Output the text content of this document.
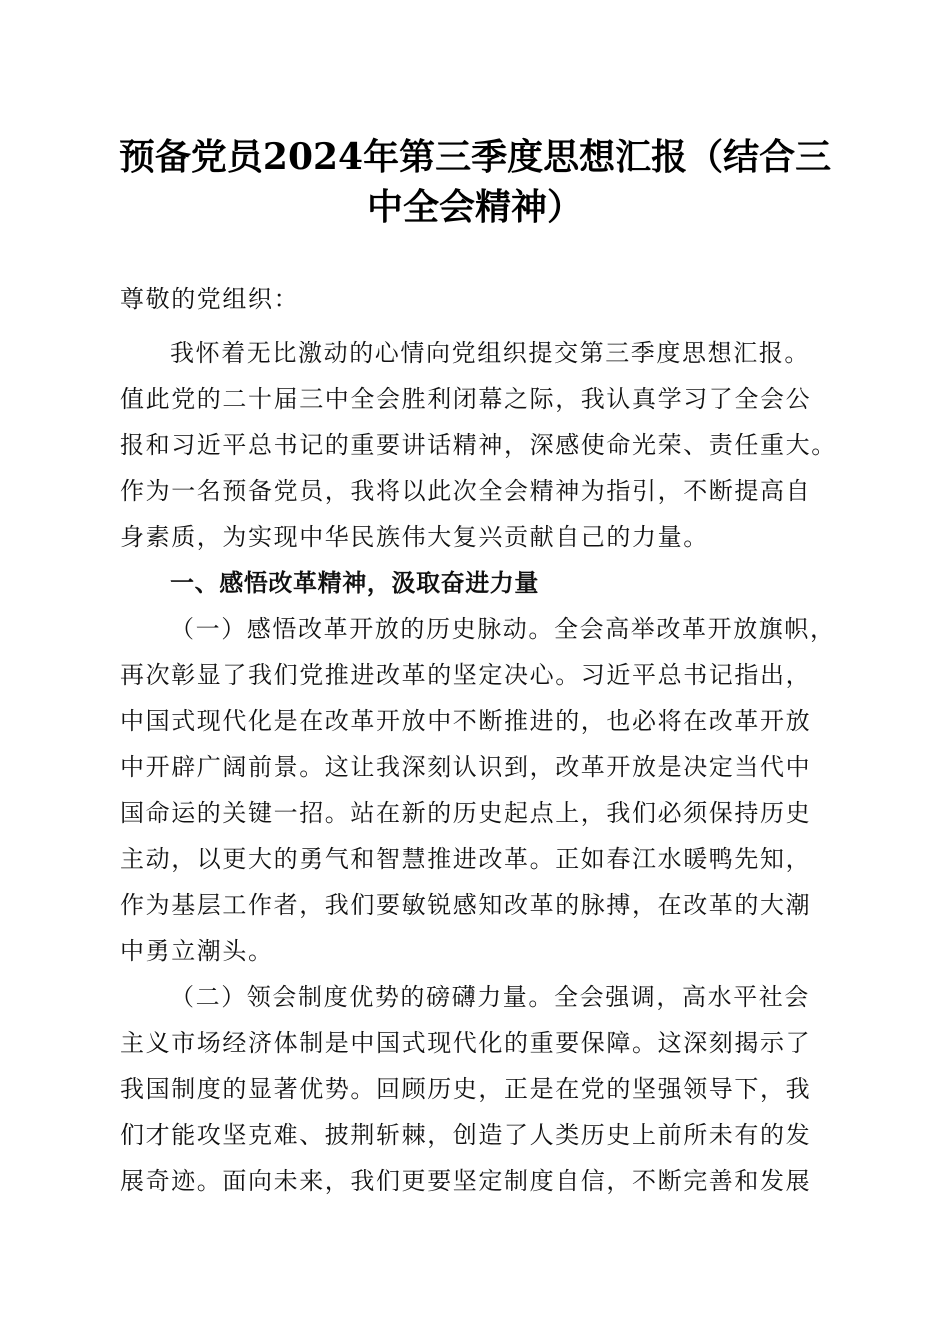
预备党员2024年第三季度思想汇报（结合三
中全会精神）
尊敬的党组织：
我怀着无比激动的心情向党组织提交第三季度思想汇报。
值此党的二十届三中全会胜利闭幕之际，我认真学习了全会公
报和习近平总书记的重要讲话精神，深感使命光荣、责任重大。
作为一名预备党员，我将以此次全会精神为指引，不断提高自
身素质，为实现中华民族伟大复兴贡献自己的力量。
一、感悟改革精神，汲取奋进力量
（一）感悟改革开放的历史脉动。全会高举改革开放旗帜，
再次彰显了我们党推进改革的坚定决心。习近平总书记指出，
中国式现代化是在改革开放中不断推进的，也必将在改革开放
中开辟广阔前景。这让我深刻认识到，改革开放是决定当代中
国命运的关键一招。站在新的历史起点上，我们必须保持历史
主动，以更大的勇气和智慧推进改革。正如春江水暖鸭先知，
作为基层工作者，我们要敏锐感知改革的脉搏，在改革的大潮
中勇立潮头。
（二）领会制度优势的磅礴力量。全会强调，高水平社会
主义市场经济体制是中国式现代化的重要保障。这深刻揭示了
我国制度的显著优势。回顾历史，正是在党的坚强领导下，我
们才能攻坚克难、披荆斩棘，创造了人类历史上前所未有的发
展奇迹。面向未来，我们更要坚定制度自信，不断完善和发展
